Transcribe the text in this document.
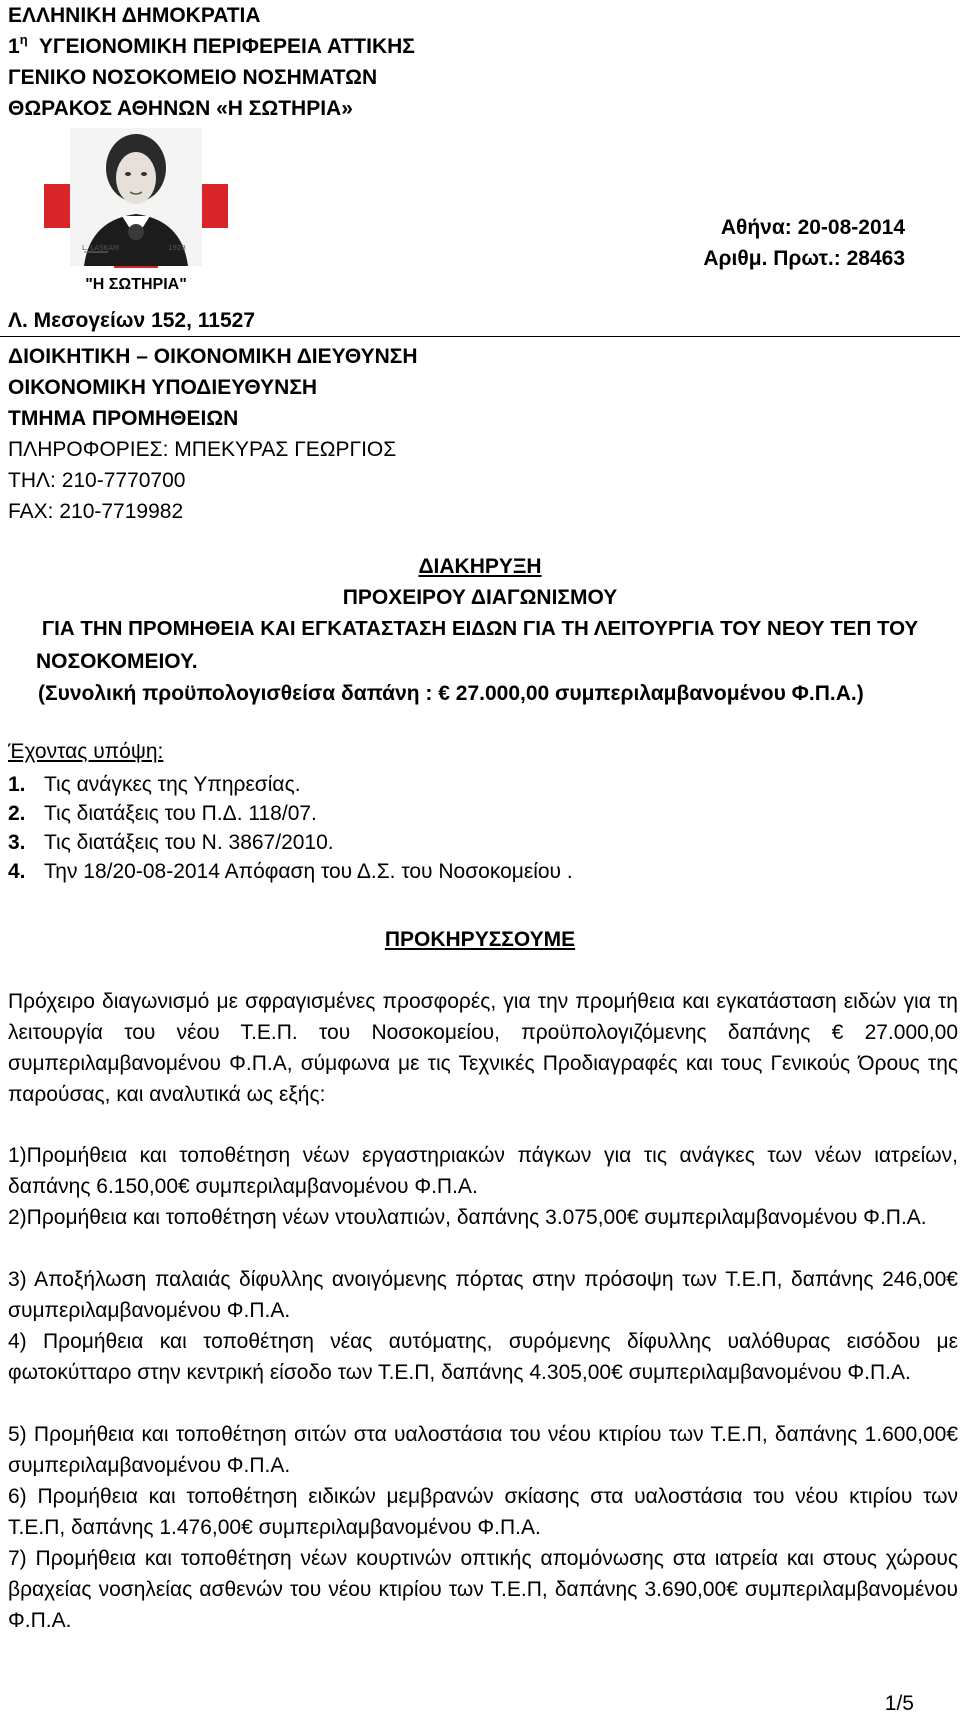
ΕΛΛΗΝΙΚΗ ΔΗΜΟΚΡΑΤΙΑ
$1^\eta$  ΥΓΕΙΟΝΟΜΙΚΗ ΠΕΡΙΦΕΡΕΙΑ ΑΤΤΙΚΗΣ
ΓΕΝΙΚΟ ΝΟΣΟΚΟΜΕΙΟ ΝΟΣΗΜΑΤΩΝ
ΘΩΡΑΚΟΣ ΑΘΗΝΩΝ «Η ΣΩΤΗΡΙΑ»
L. LASKAM	1928
"Η ΣΩΤΗΡΙΑ"
Αθήνα: 20-08-2014
Αριθμ. Πρωτ.: 28463
Λ. Μεσογείων 152, 11527
ΔΙΟΙΚΗΤΙΚΗ – ΟΙΚΟΝΟΜΙΚΗ ΔΙΕΥΘΥΝΣΗ
ΟΙΚΟΝΟΜΙΚΗ ΥΠΟΔΙΕΥΘΥΝΣΗ
ΤΜΗΜΑ ΠΡΟΜΗΘΕΙΩΝ
ΠΛΗΡΟΦΟΡΙΕΣ: ΜΠΕΚΥΡΑΣ ΓΕΩΡΓΙΟΣ
ΤΗΛ: 210-7770700
FAX: 210-7719982
ΔΙΑΚΗΡΥΞΗ
ΠΡΟΧΕΙΡΟΥ ΔΙΑΓΩΝΙΣΜΟΥ
ΓΙΑ ΤΗΝ ΠΡΟΜΗΘΕΙΑ ΚΑΙ ΕΓΚΑΤΑΣΤΑΣΗ ΕΙΔΩΝ ΓΙΑ ΤΗ ΛΕΙΤΟΥΡΓΙΑ ΤΟΥ ΝΕΟΥ ΤΕΠ ΤΟΥ
ΝΟΣΟΚΟΜΕΙΟΥ.
(Συνολική προϋπολογισθείσα δαπάνη : € 27.000,00 συμπεριλαμβανομένου Φ.Π.Α.)
Έχοντας υπόψη:
1. Τις ανάγκες της Υπηρεσίας.
2. Τις διατάξεις του Π.Δ. 118/07.
3. Τις διατάξεις του Ν. 3867/2010.
4. Την 18/20-08-2014 Απόφαση του Δ.Σ. του Νοσοκομείου .
ΠΡΟΚΗΡΥΣΣΟΥΜΕ
Πρόχειρο διαγωνισμό με σφραγισμένες προσφορές, για την προμήθεια και εγκατάσταση ειδών για τη λειτουργία του νέου Τ.Ε.Π. του Νοσοκομείου, προϋπολογιζόμενης δαπάνης € 27.000,00 συμπεριλαμβανομένου Φ.Π.Α, σύμφωνα με τις Τεχνικές Προδιαγραφές και τους Γενικούς Όρους της παρούσας, και αναλυτικά ως εξής:
1)Προμήθεια και τοποθέτηση νέων εργαστηριακών πάγκων για τις ανάγκες των νέων ιατρείων, δαπάνης 6.150,00€ συμπεριλαμβανομένου Φ.Π.Α.
2)Προμήθεια και τοποθέτηση νέων ντουλαπιών, δαπάνης 3.075,00€ συμπεριλαμβανομένου Φ.Π.Α.
3) Αποξήλωση παλαιάς δίφυλλης ανοιγόμενης πόρτας στην πρόσοψη των Τ.Ε.Π, δαπάνης 246,00€ συμπεριλαμβανομένου Φ.Π.Α.
4) Προμήθεια και τοποθέτηση νέας αυτόματης, συρόμενης δίφυλλης υαλόθυρας εισόδου με φωτοκύτταρο στην κεντρική είσοδο των Τ.Ε.Π, δαπάνης 4.305,00€ συμπεριλαμβανομένου Φ.Π.Α.
5) Προμήθεια και τοποθέτηση σιτών στα υαλοστάσια του νέου κτιρίου των Τ.Ε.Π, δαπάνης 1.600,00€ συμπεριλαμβανομένου Φ.Π.Α.
6) Προμήθεια και τοποθέτηση ειδικών μεμβρανών σκίασης στα υαλοστάσια του νέου κτιρίου των Τ.Ε.Π, δαπάνης 1.476,00€ συμπεριλαμβανομένου Φ.Π.Α.
7) Προμήθεια και τοποθέτηση νέων κουρτινών οπτικής απομόνωσης στα ιατρεία και στους χώρους βραχείας νοσηλείας ασθενών του νέου κτιρίου των Τ.Ε.Π, δαπάνης 3.690,00€ συμπεριλαμβανομένου Φ.Π.Α.
1/5
